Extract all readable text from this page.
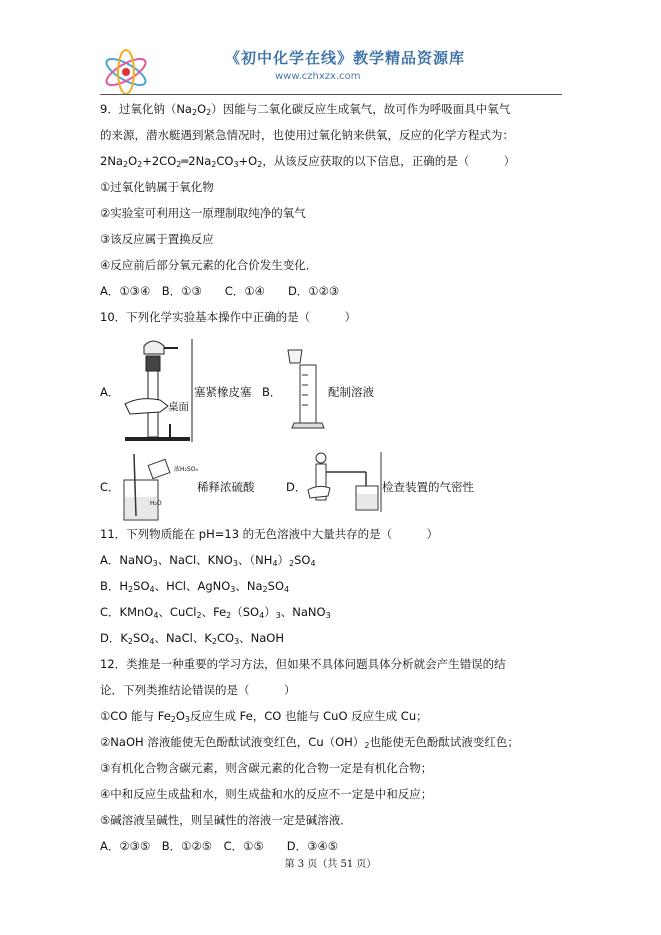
《初中化学在线》教学精品资源库
www.czhxzx.com
9．过氧化钠$(Na_2O_2)$因能与二氧化碳反应生成氧气，故可作为呼吸面具中氧气
的来源，潜水艇遇到紧急情况时，也使用过氧化钠来供氧，反应的化学方程式为：
$2Na_2O_2+2CO_2═2Na_2CO_3+O_2$，从该反应获取的以下信息，正确的是（　　　）
①过氧化钠属于氧化物
②实验室可利用这一原理制取纯净的氧气
③该反应属于置换反应
④反应前后部分氧元素的化合价发生变化．
A．①③④　B．①③　　C．①④　　D．①②③
10．下列化学实验基本操作中正确的是（　　　）
A．
桌面
塞紧橡皮塞 B．	配制溶液
C．
浓H₂SO₄
H₂O
稀释浓硫酸	D．	检查装置的气密性
11．下列物质能在 pH=13 的无色溶液中大量共存的是（　　　）
A．NaNO$_3$、NaCl、$KNO_3$、$(NH_4)_2SO_4$
B．$H_2SO_4$、HCl、AgNO$_3$、$Na_2SO_4$
C．KMnO$_4$、CuCl$_2$、$Fe_2(SO_4)_3$、NaNO$_3$
D．$K_2SO_4$、NaCl、$K_2CO_3$、NaOH
12．类推是一种重要的学习方法，但如果不具体问题具体分析就会产生错误的结
论．下列类推结论错误的是（　　　）
①CO 能与 $Fe_2O_3$反应生成 Fe，CO 也能与 CuO 反应生成 Cu；
②NaOH 溶液能使无色酚酞试液变红色，$Cu(OH)_2$也能使无色酚酞试液变红色；
③有机化合物含碳元素，则含碳元素的化合物一定是有机化合物；
④中和反应生成盐和水，则生成盐和水的反应不一定是中和反应；
⑤碱溶液呈碱性，则呈碱性的溶液一定是碱溶液．
A．②③⑤　B．①②⑤　C．①⑤　　D．③④⑤
第 3 页（共 51 页）
